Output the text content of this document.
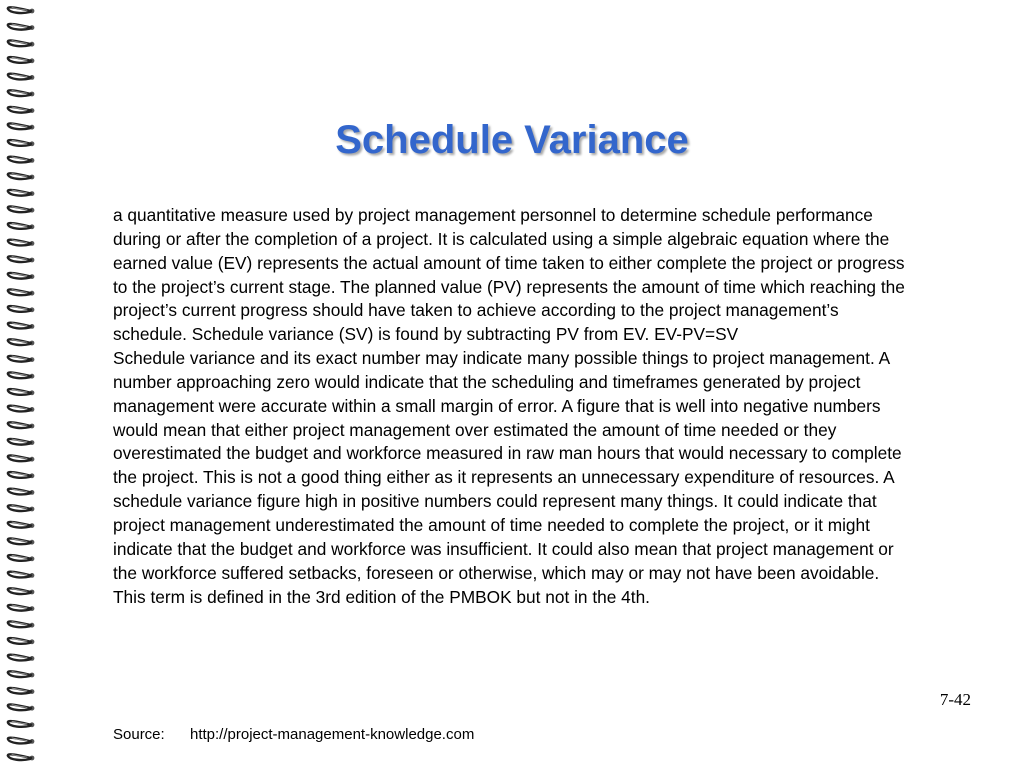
Schedule Variance

a quantitative measure used by project management personnel to determine schedule performance during or after the completion of a project. It is calculated using a simple algebraic equation where the earned value (EV) represents the actual amount of time taken to either complete the project or progress to the project’s current stage. The planned value (PV) represents the amount of time which reaching the project’s current progress should have taken to achieve according to the project management’s schedule. Schedule variance (SV) is found by subtracting PV from EV. EV-PV=SV

Schedule variance and its exact number may indicate many possible things to project management. A number approaching zero would indicate that the scheduling and timeframes generated by project management were accurate within a small margin of error. A figure that is well into negative numbers would mean that either project management over estimated the amount of time needed or they overestimated the budget and workforce measured in raw man hours that would necessary to complete the project. This is not a good thing either as it represents an unnecessary expenditure of resources. A schedule variance figure high in positive numbers could represent many things. It could indicate that project management underestimated the amount of time needed to complete the project, or it might indicate that the budget and workforce was insufficient. It could also mean that project management or the workforce suffered setbacks, foreseen or otherwise, which may or may not have been avoidable.

This term is defined in the 3rd edition of the PMBOK but not in the 4th.

7-42
Source: http://project-management-knowledge.com
